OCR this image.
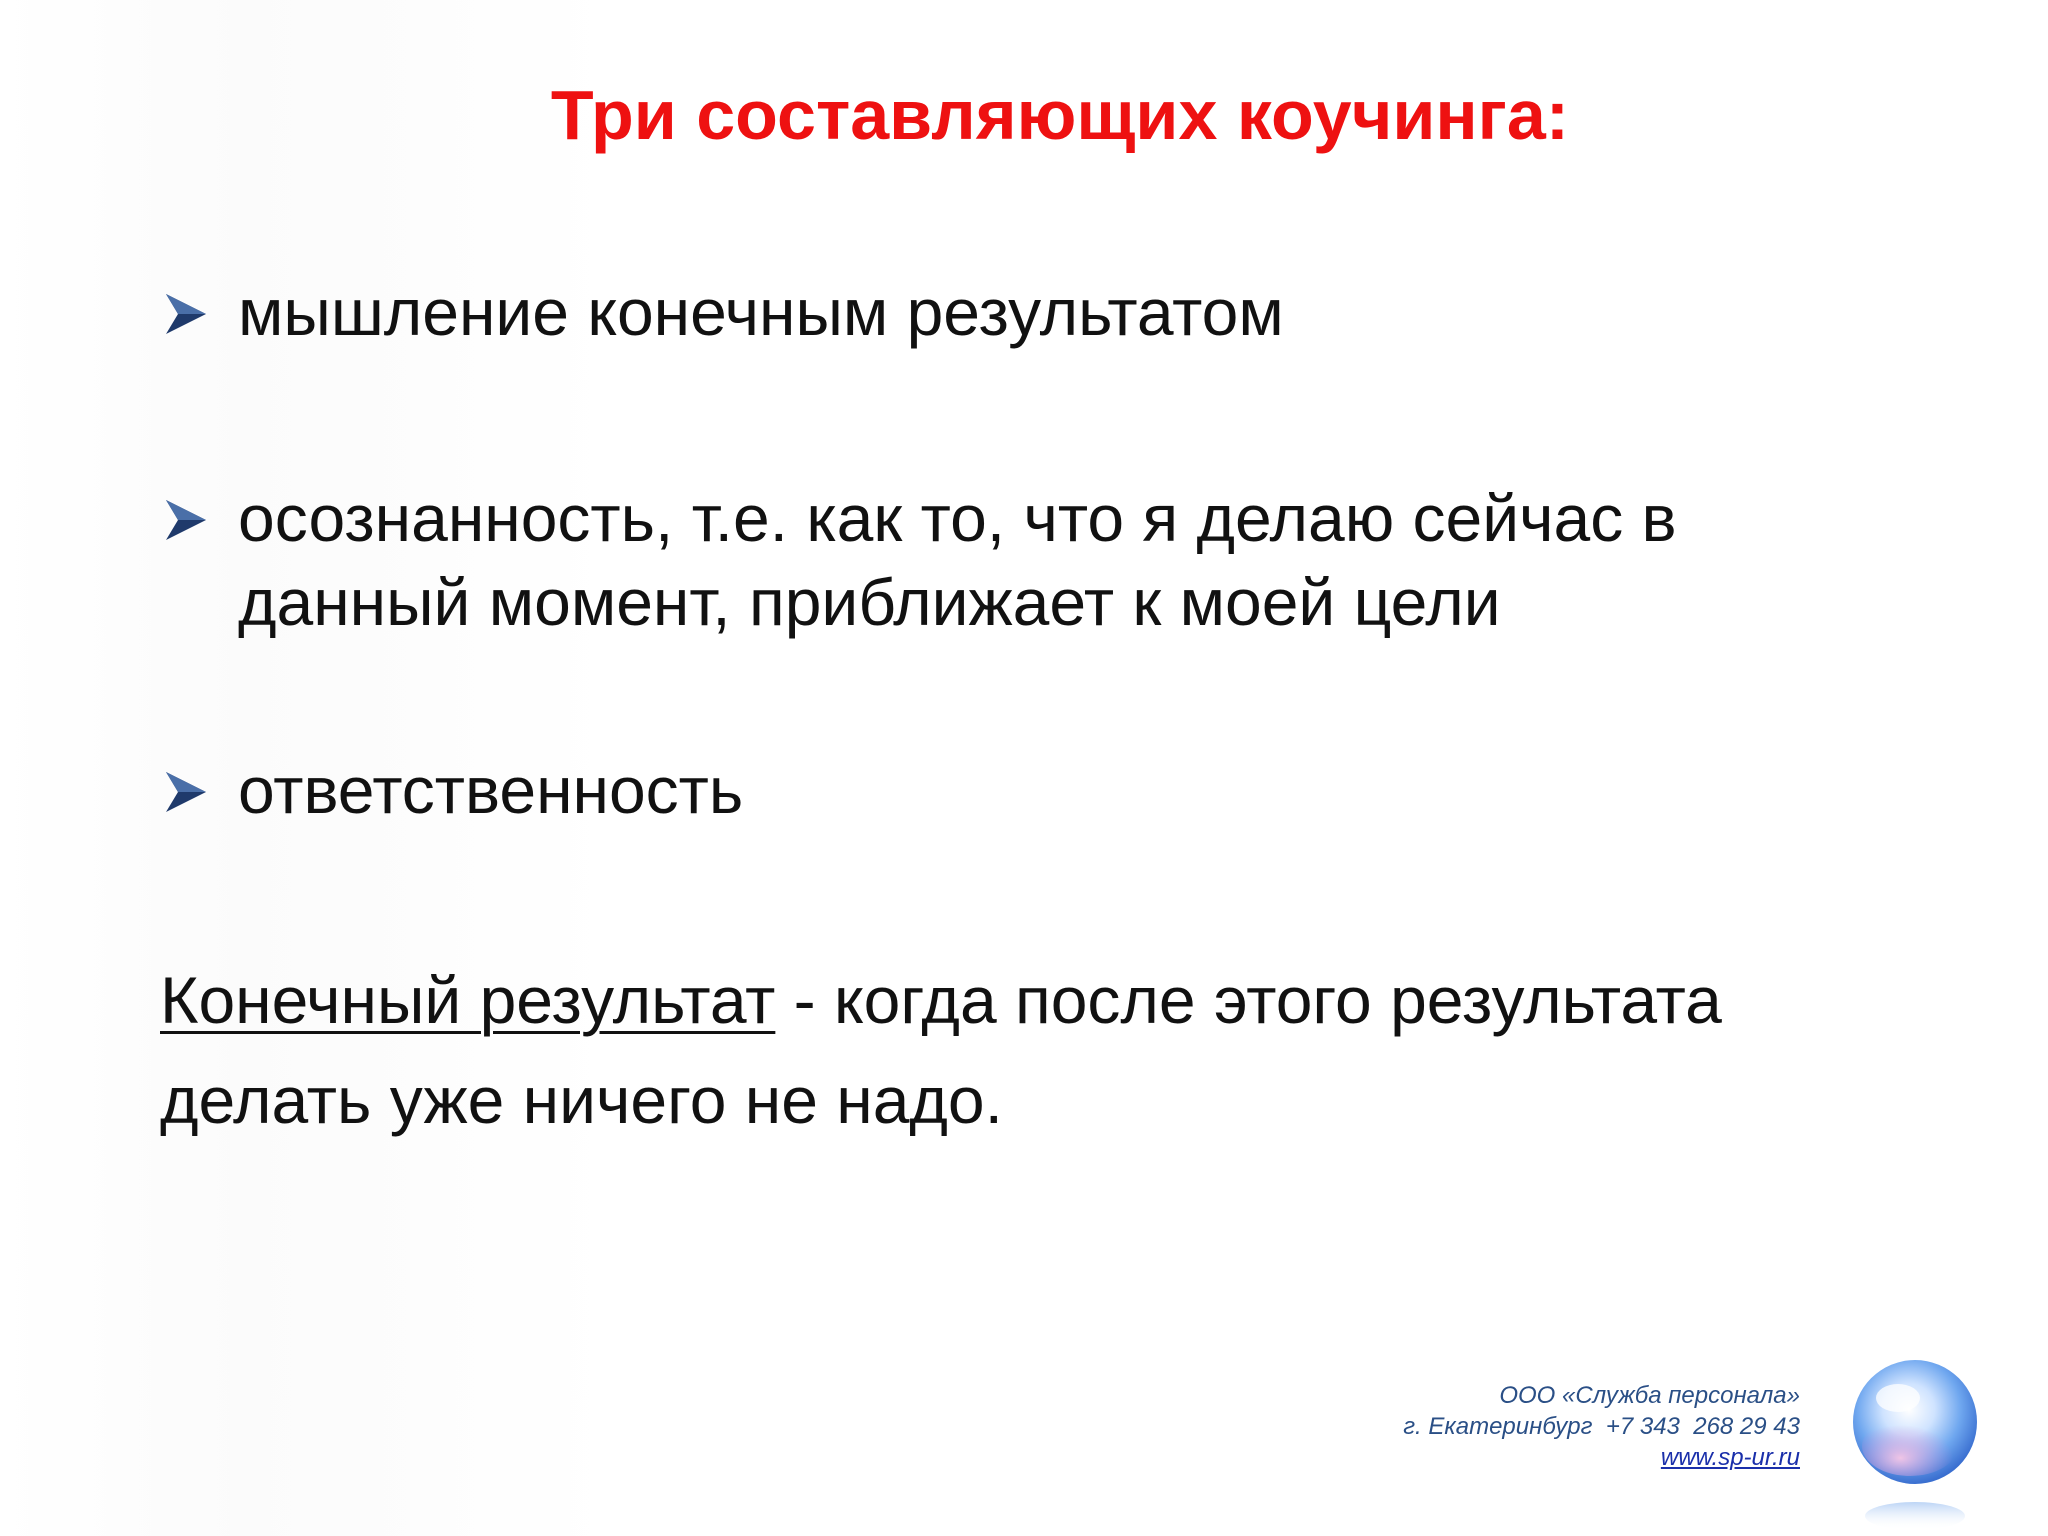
Три составляющих коучинга:
мышление конечным результатом
осознанность, т.е. как то, что я делаю сейчас в данный момент, приближает к моей цели
ответственность

Конечный результат - когда после этого результата делать уже ничего не надо.

ООО «Служба персонала»
г. Екатеринбург  +7 343  268 29 43
www.sp-ur.ru
